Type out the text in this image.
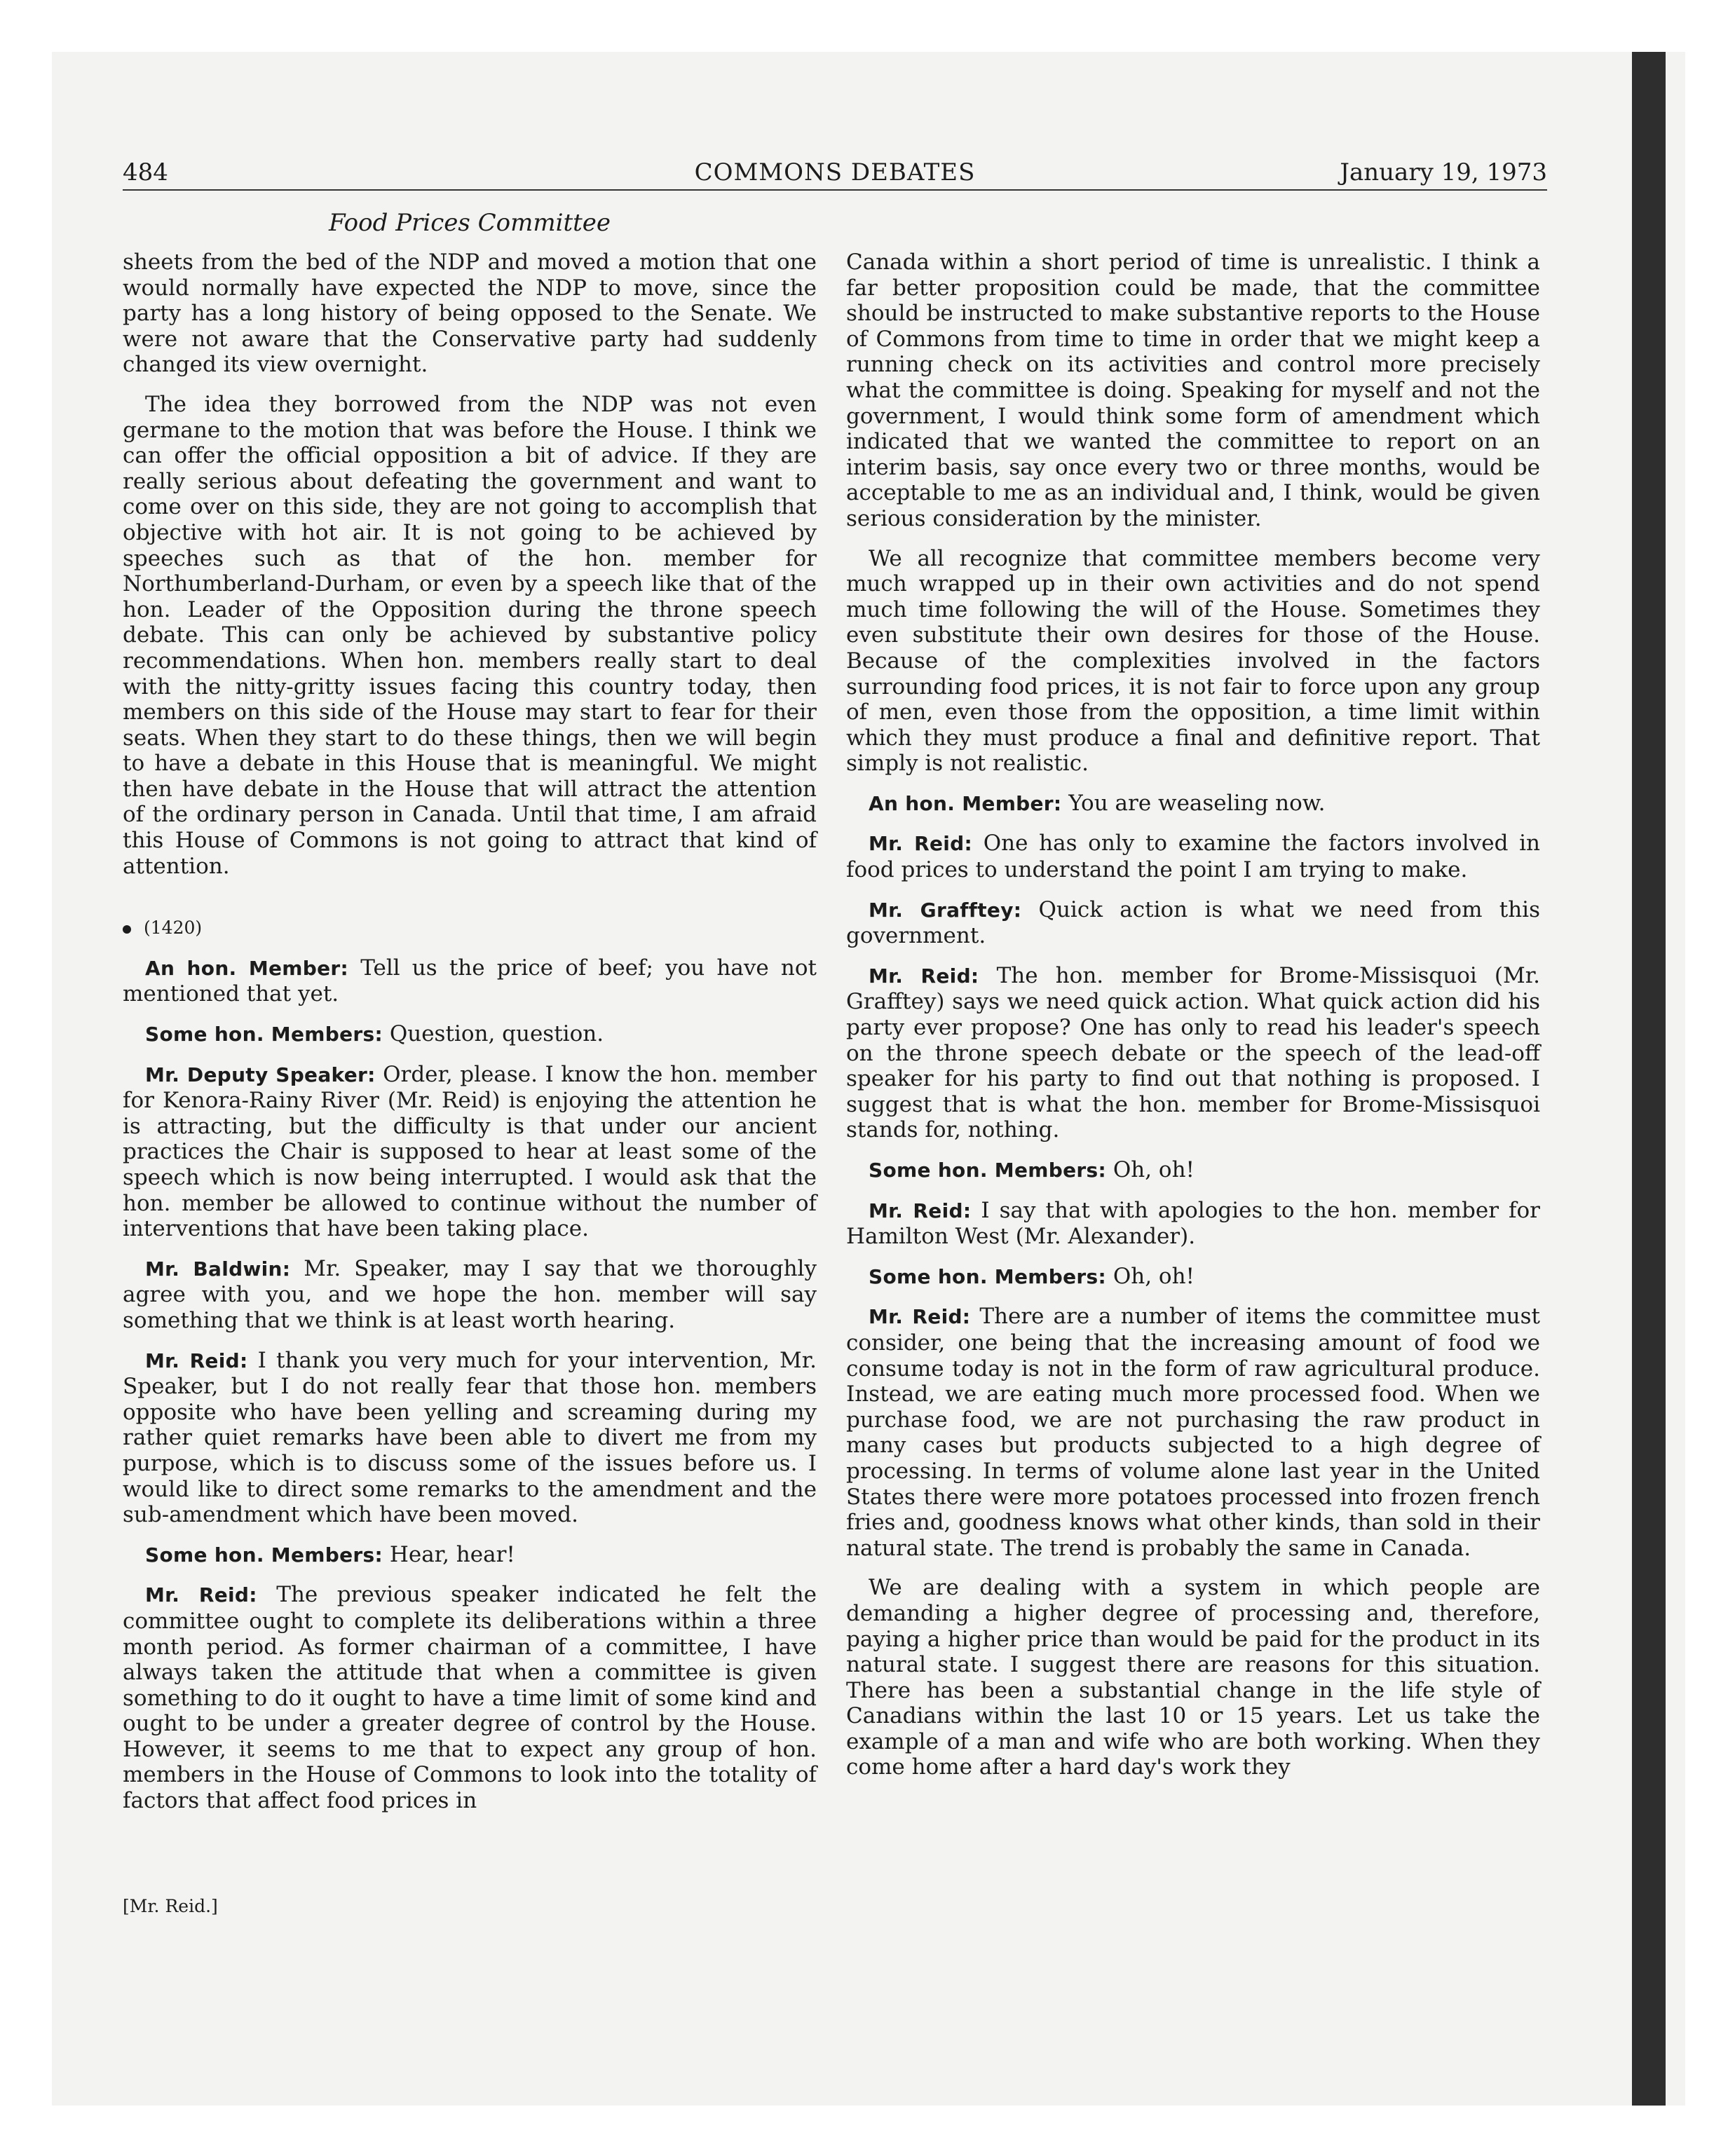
484	COMMONS DEBATES	January 19, 1973
Food Prices Committee

sheets from the bed of the NDP and moved a motion that one would normally have expected the NDP to move, since the party has a long history of being opposed to the Senate. We were not aware that the Conservative party had suddenly changed its view overnight.

The idea they borrowed from the NDP was not even germane to the motion that was before the House. I think we can offer the official opposition a bit of advice. If they are really serious about defeating the government and want to come over on this side, they are not going to accomplish that objective with hot air. It is not going to be achieved by speeches such as that of the hon. member for Northumberland-Durham, or even by a speech like that of the hon. Leader of the Opposition during the throne speech debate. This can only be achieved by substantive policy recommendations. When hon. members really start to deal with the nitty-gritty issues facing this country today, then members on this side of the House may start to fear for their seats. When they start to do these things, then we will begin to have a debate in this House that is meaningful. We might then have debate in the House that will attract the attention of the ordinary person in Canada. Until that time, I am afraid this House of Commons is not going to attract that kind of attention.

(1420)

An hon. Member: Tell us the price of beef; you have not mentioned that yet.

Some hon. Members: Question, question.

Mr. Deputy Speaker: Order, please. I know the hon. member for Kenora-Rainy River (Mr. Reid) is enjoying the attention he is attracting, but the difficulty is that under our ancient practices the Chair is supposed to hear at least some of the speech which is now being interrupted. I would ask that the hon. member be allowed to continue without the number of interventions that have been taking place.

Mr. Baldwin: Mr. Speaker, may I say that we thoroughly agree with you, and we hope the hon. member will say something that we think is at least worth hearing.

Mr. Reid: I thank you very much for your intervention, Mr. Speaker, but I do not really fear that those hon. members opposite who have been yelling and screaming during my rather quiet remarks have been able to divert me from my purpose, which is to discuss some of the issues before us. I would like to direct some remarks to the amendment and the sub-amendment which have been moved.

Some hon. Members: Hear, hear!

Mr. Reid: The previous speaker indicated he felt the committee ought to complete its deliberations within a three month period. As former chairman of a committee, I have always taken the attitude that when a committee is given something to do it ought to have a time limit of some kind and ought to be under a greater degree of control by the House. However, it seems to me that to expect any group of hon. members in the House of Commons to look into the totality of factors that affect food prices in

Canada within a short period of time is unrealistic. I think a far better proposition could be made, that the committee should be instructed to make substantive reports to the House of Commons from time to time in order that we might keep a running check on its activities and control more precisely what the committee is doing. Speaking for myself and not the government, I would think some form of amendment which indicated that we wanted the committee to report on an interim basis, say once every two or three months, would be acceptable to me as an individual and, I think, would be given serious consideration by the minister.

We all recognize that committee members become very much wrapped up in their own activities and do not spend much time following the will of the House. Sometimes they even substitute their own desires for those of the House. Because of the complexities involved in the factors surrounding food prices, it is not fair to force upon any group of men, even those from the opposition, a time limit within which they must produce a final and definitive report. That simply is not realistic.

An hon. Member: You are weaseling now.

Mr. Reid: One has only to examine the factors involved in food prices to understand the point I am trying to make.

Mr. Grafftey: Quick action is what we need from this government.

Mr. Reid: The hon. member for Brome-Missisquoi (Mr. Grafftey) says we need quick action. What quick action did his party ever propose? One has only to read his leader's speech on the throne speech debate or the speech of the lead-off speaker for his party to find out that nothing is proposed. I suggest that is what the hon. member for Brome-Missisquoi stands for, nothing.

Some hon. Members: Oh, oh!

Mr. Reid: I say that with apologies to the hon. member for Hamilton West (Mr. Alexander).

Some hon. Members: Oh, oh!

Mr. Reid: There are a number of items the committee must consider, one being that the increasing amount of food we consume today is not in the form of raw agricultural produce. Instead, we are eating much more processed food. When we purchase food, we are not purchasing the raw product in many cases but products subjected to a high degree of processing. In terms of volume alone last year in the United States there were more potatoes processed into frozen french fries and, goodness knows what other kinds, than sold in their natural state. The trend is probably the same in Canada.

We are dealing with a system in which people are demanding a higher degree of processing and, therefore, paying a higher price than would be paid for the product in its natural state. I suggest there are reasons for this situation. There has been a substantial change in the life style of Canadians within the last 10 or 15 years. Let us take the example of a man and wife who are both working. When they come home after a hard day's work they

[Mr. Reid.]
